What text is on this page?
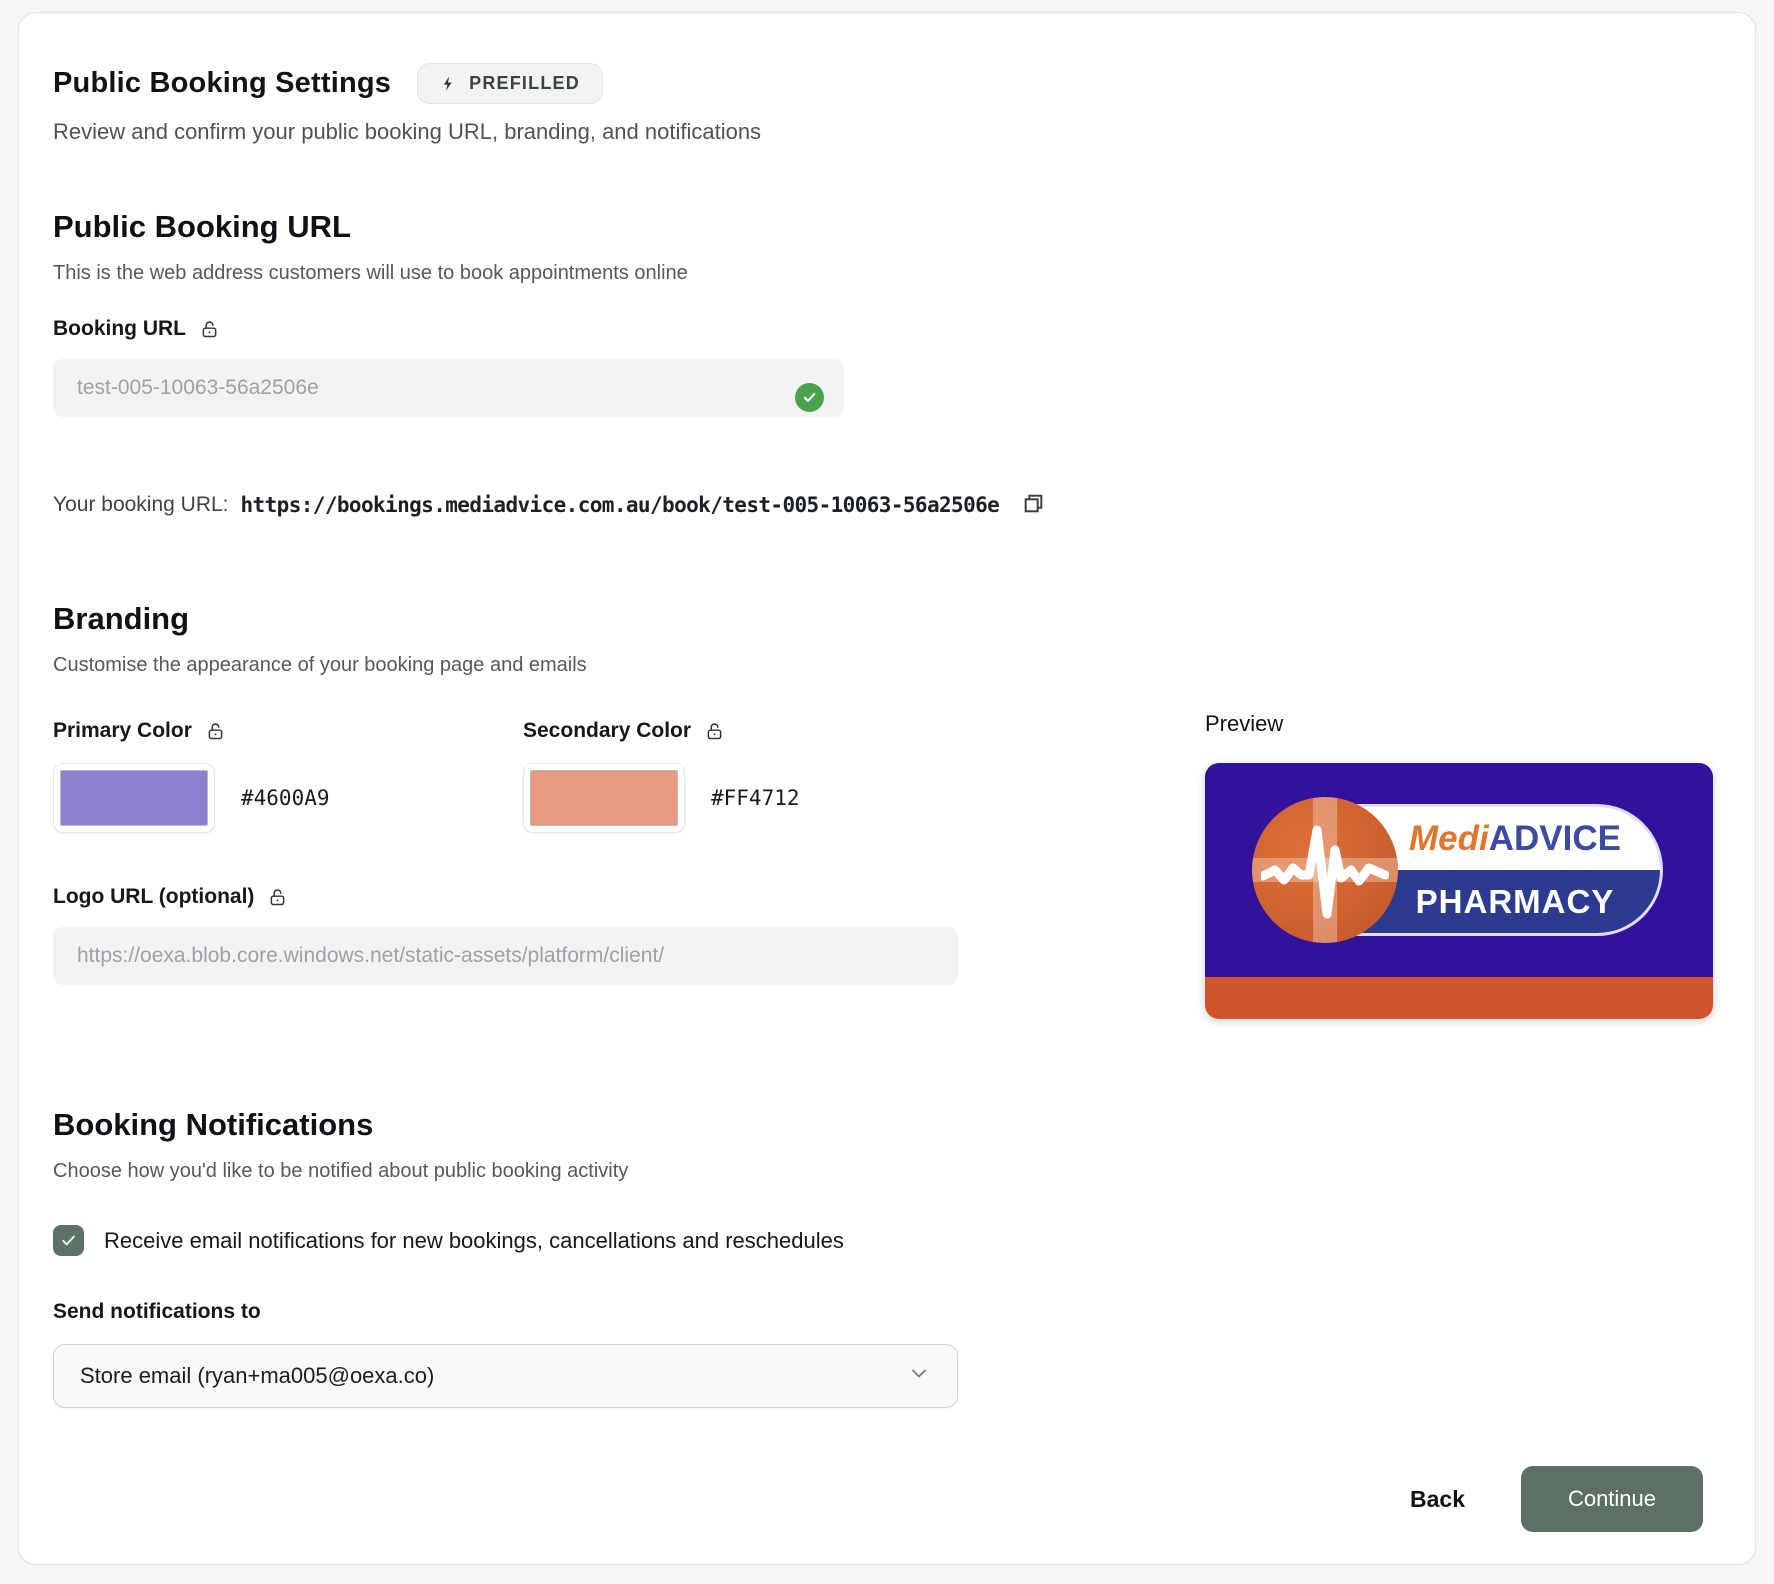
Public Booking Settings	PREFILLED
Review and confirm your public booking URL, branding, and notifications
Public Booking URL
This is the web address customers will use to book appointments online
Booking URL
test-005-10063-56a2506e
Your booking URL: https://bookings.mediadvice.com.au/book/test-005-10063-56a2506e
Branding
Customise the appearance of your booking page and emails
Primary Color
#4600A9
Secondary Color
#FF4712
Logo URL (optional)
https://oexa.blob.core.windows.net/static-assets/platform/client/
Preview
MediADVICE
PHARMACY
Booking Notifications
Choose how you'd like to be notified about public booking activity
Receive email notifications for new bookings, cancellations and reschedules
Send notifications to
Store email (ryan+ma005@oexa.co)
Back	Continue
